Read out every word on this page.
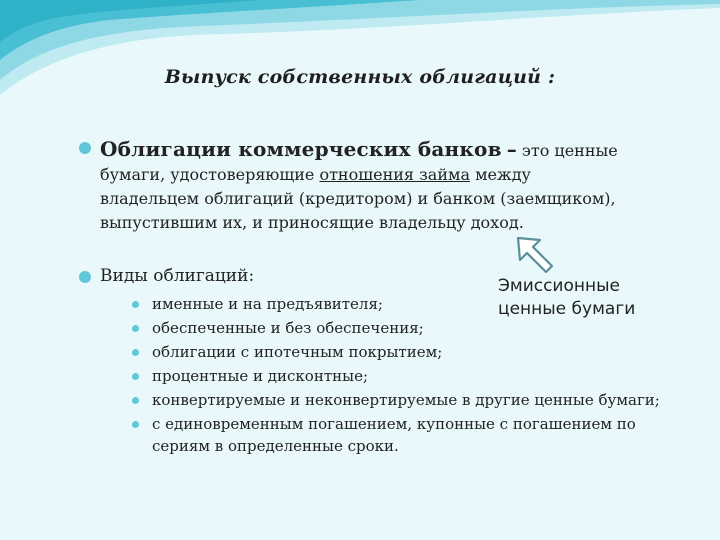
Выпуск собственных облигаций :
Облигации коммерческих банков – это ценные
бумаги, удостоверяющие отношения займа между
владельцем облигаций (кредитором) и банком (заемщиком),
выпустившим их, и приносящие владельцу доход.
Виды облигаций:	Эмиссионные
ценные бумаги
именные и на предъявителя;
обеспеченные и без обеспечения;
облигации с ипотечным покрытием;
процентные и дисконтные;
конвертируемые и неконвертируемые в другие ценные бумаги;
с единовременным погашением, купонные с погашением по сериям в определенные сроки.
